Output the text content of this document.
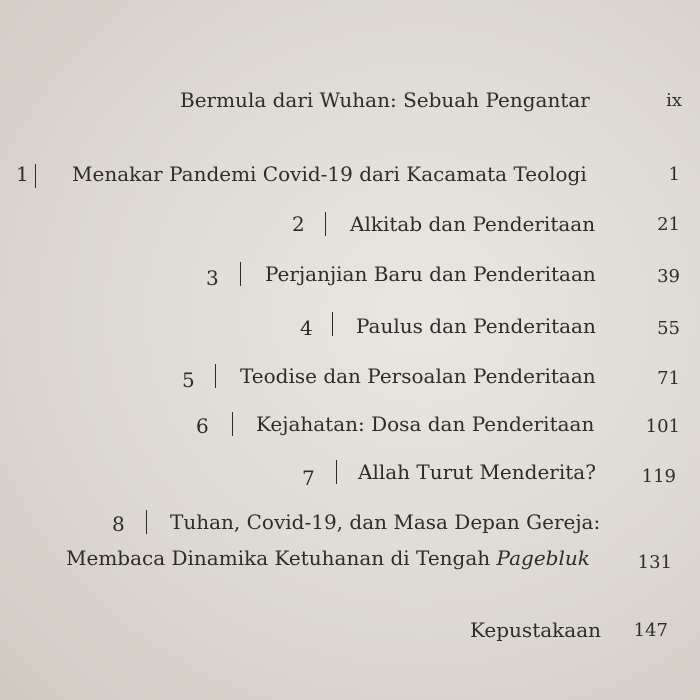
Bermula dari Wuhan: Sebuah Pengantar	ix
1 Menakar Pandemi Covid-19 dari Kacamata Teologi	1
2 Alkitab dan Penderitaan	21
3 Perjanjian Baru dan Penderitaan	39
4 Paulus dan Penderitaan	55
5 Teodise dan Persoalan Penderitaan	71
6 Kejahatan: Dosa dan Penderitaan	101
7 Allah Turut Menderita?	119
8 Tuhan, Covid-19, dan Masa Depan Gereja:
Membaca Dinamika Ketuhanan di Tengah Pagebluk	131
Kepustakaan	147
